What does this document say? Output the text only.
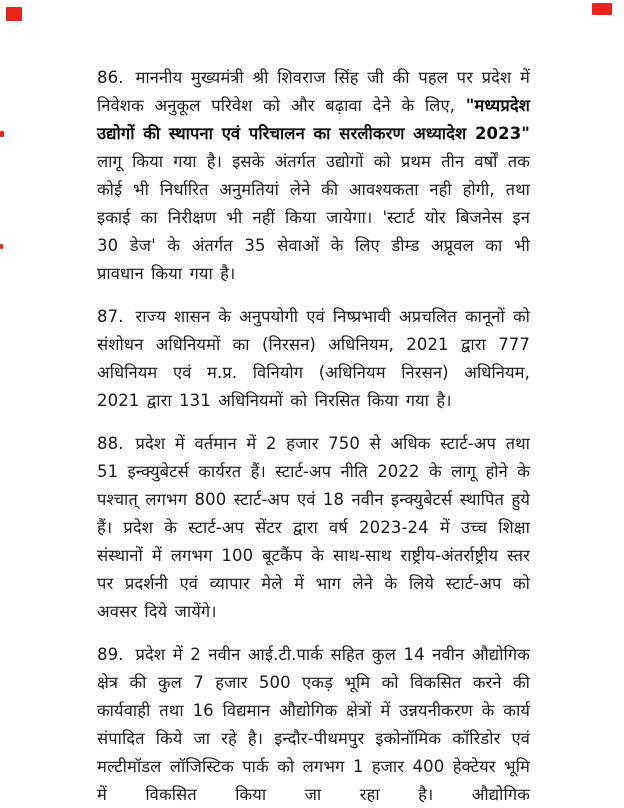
86. माननीय मुख्यमंत्री श्री शिवराज सिंह जी की पहल पर प्रदेश में निवेशक अनुकूल परिवेश को और बढ़ावा देने के लिए, "मध्यप्रदेश उद्योगों की स्थापना एवं परिचालन का सरलीकरण अध्यादेश 2023" लागू किया गया है। इसके अंतर्गत उद्योगों को प्रथम तीन वर्षों तक कोई भी निर्धारित अनुमतियां लेने की आवश्यकता नही होगी, तथा इकाई का निरीक्षण भी नहीं किया जायेगा। 'स्टार्ट योर बिजनेस इन 30 डेज' के अंतर्गत 35 सेवाओं के लिए डीम्ड अप्रूवल का भी प्रावधान किया गया है।

87. राज्य शासन के अनुपयोगी एवं निष्प्रभावी अप्रचलित कानूनों को संशोधन अधिनियमों का (निरसन) अधिनियम, 2021 द्वारा 777 अधिनियम एवं म.प्र. विनियोग (अधिनियम निरसन) अधिनियम, 2021 द्वारा 131 अधिनियमों को निरसित किया गया है।

88. प्रदेश में वर्तमान में 2 हजार 750 से अधिक स्टार्ट-अप तथा 51 इन्क्युबेटर्स कार्यरत हैं। स्टार्ट-अप नीति 2022 के लागू होने के पश्चात् लगभग 800 स्टार्ट-अप एवं 18 नवीन इन्क्युबेटर्स स्थापित हुये हैं। प्रदेश के स्टार्ट-अप सेंटर द्वारा वर्ष 2023-24 में उच्च शिक्षा संस्थानों में लगभग 100 बूटकैंप के साथ-साथ राष्ट्रीय-अंतर्राष्ट्रीय स्तर पर प्रदर्शनी एवं व्यापार मेले में भाग लेने के लिये स्टार्ट-अप को अवसर दिये जायेंगे।

89. प्रदेश में 2 नवीन आई.टी.पार्क सहित कुल 14 नवीन औद्योगिक क्षेत्र की कुल 7 हजार 500 एकड़ भूमि को विकसित करने की कार्यवाही तथा 16 विद्यमान औद्योगिक क्षेत्रों में उन्नयनीकरण के कार्य संपादित किये जा रहे है। इन्दौर-पीथमपुर इकोनॉमिक कॉरिडोर एवं मल्टीमॉडल लॉजिस्टिक पार्क को लगभग 1 हजार 400 हेक्टेयर भूमि में विकसित किया जा रहा है। औद्योगिक
